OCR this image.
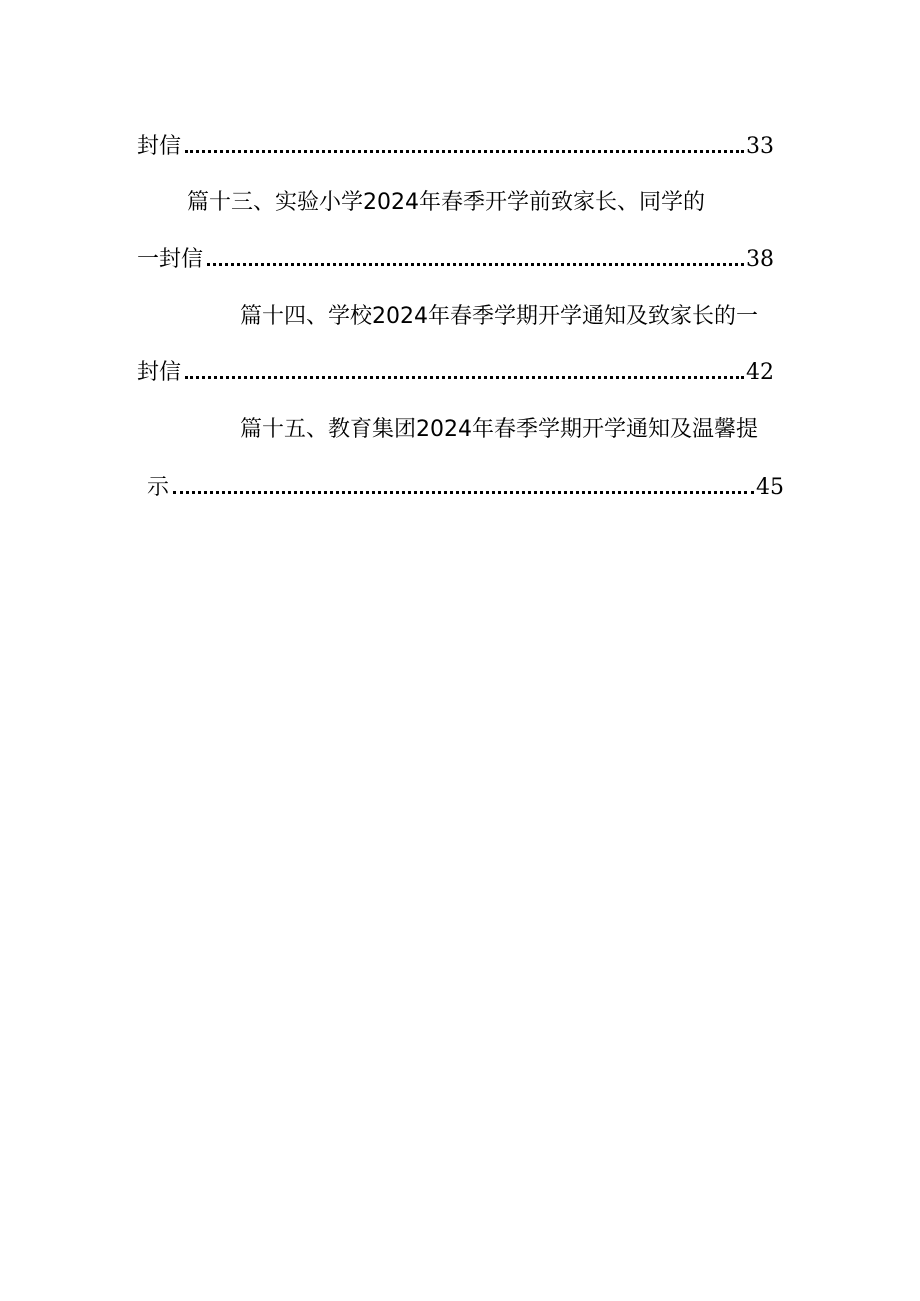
封信	33
篇十三、实验小学2024年春季开学前致家长、同学的
一封信	38
篇十四、学校2024年春季学期开学通知及致家长的一
封信	42
篇十五、教育集团2024年春季学期开学通知及温馨提
示	45
